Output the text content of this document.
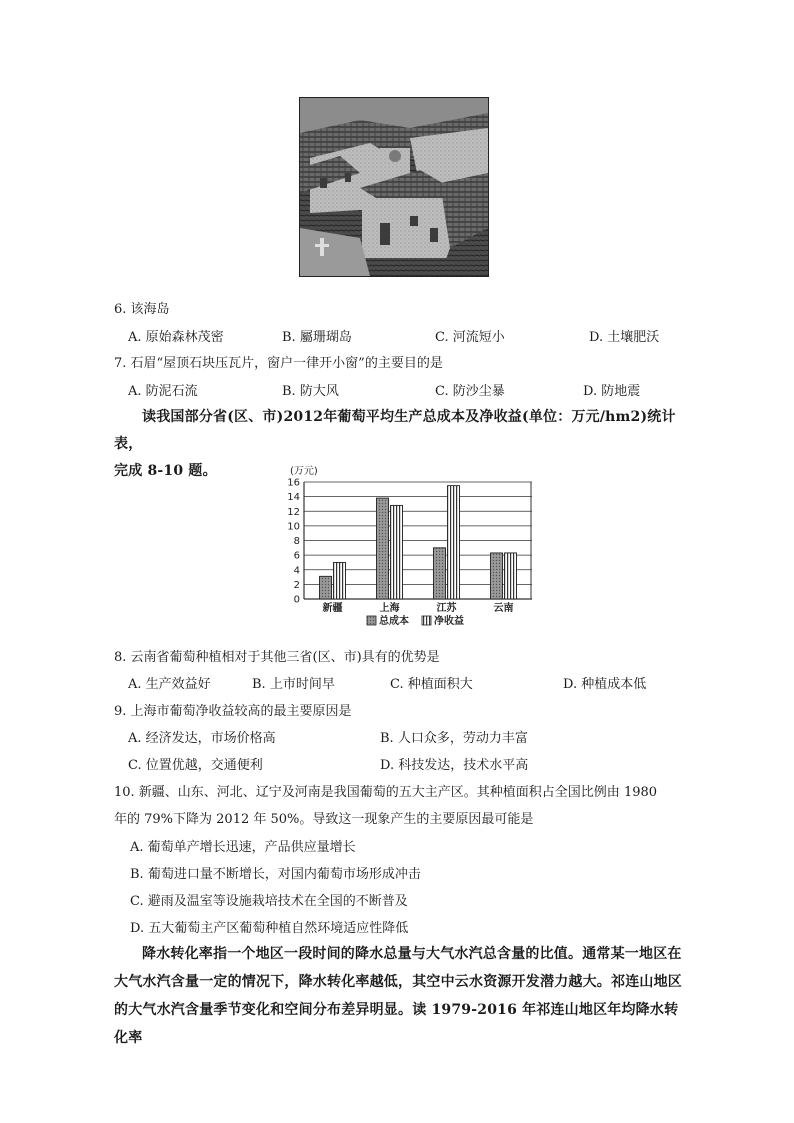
6. 该海岛
A. 原始森林茂密	B. 屬珊瑚岛	C. 河流短小	D. 土壤肥沃
7. 石眉“屋顶石块压瓦片，窗户一律开小窗”的主要目的是
A. 防泥石流	B. 防大风	C. 防沙尘暴	D. 防地震
读我国部分省(区、市)2012年葡萄平均生产总成本及净收益(单位：万元/hm2)统计表，
完成 8-10 题。	(万元)
0
2
4
6
8
10
12
14
16
新疆	上海	江苏	云南
总成本	净收益
8. 云南省葡萄种植相对于其他三省(区、市)具有的优势是
A. 生产效益好	B. 上市时间早	C. 种植面积大	D. 种植成本低
9. 上海市葡萄净收益较高的最主要原因是
A. 经济发达，市场价格高	B. 人口众多，劳动力丰富
C. 位置优越，交通便利	D. 科技发达，技术水平高
10. 新疆、山东、河北、辽宁及河南是我国葡萄的五大主产区。其种植面积占全国比例由 1980
年的 79%下降为 2012 年 50%。导致这一现象产生的主要原因最可能是
A. 葡萄单产增长迅速，产品供应量增长
B. 葡萄进口量不断增长，对国内葡萄市场形成冲击
C. 避雨及温室等设施栽培技术在全国的不断普及
D. 五大葡萄主产区葡萄种植自然环境适应性降低
降水转化率指一个地区一段时间的降水总量与大气水汽总含量的比值。通常某一地区在
大气水汽含量一定的情况下，降水转化率越低，其空中云水资源开发潜力越大。祁连山地区
的大气水汽含量季节变化和空间分布差异明显。读 1979-2016 年祁连山地区年均降水转化率
